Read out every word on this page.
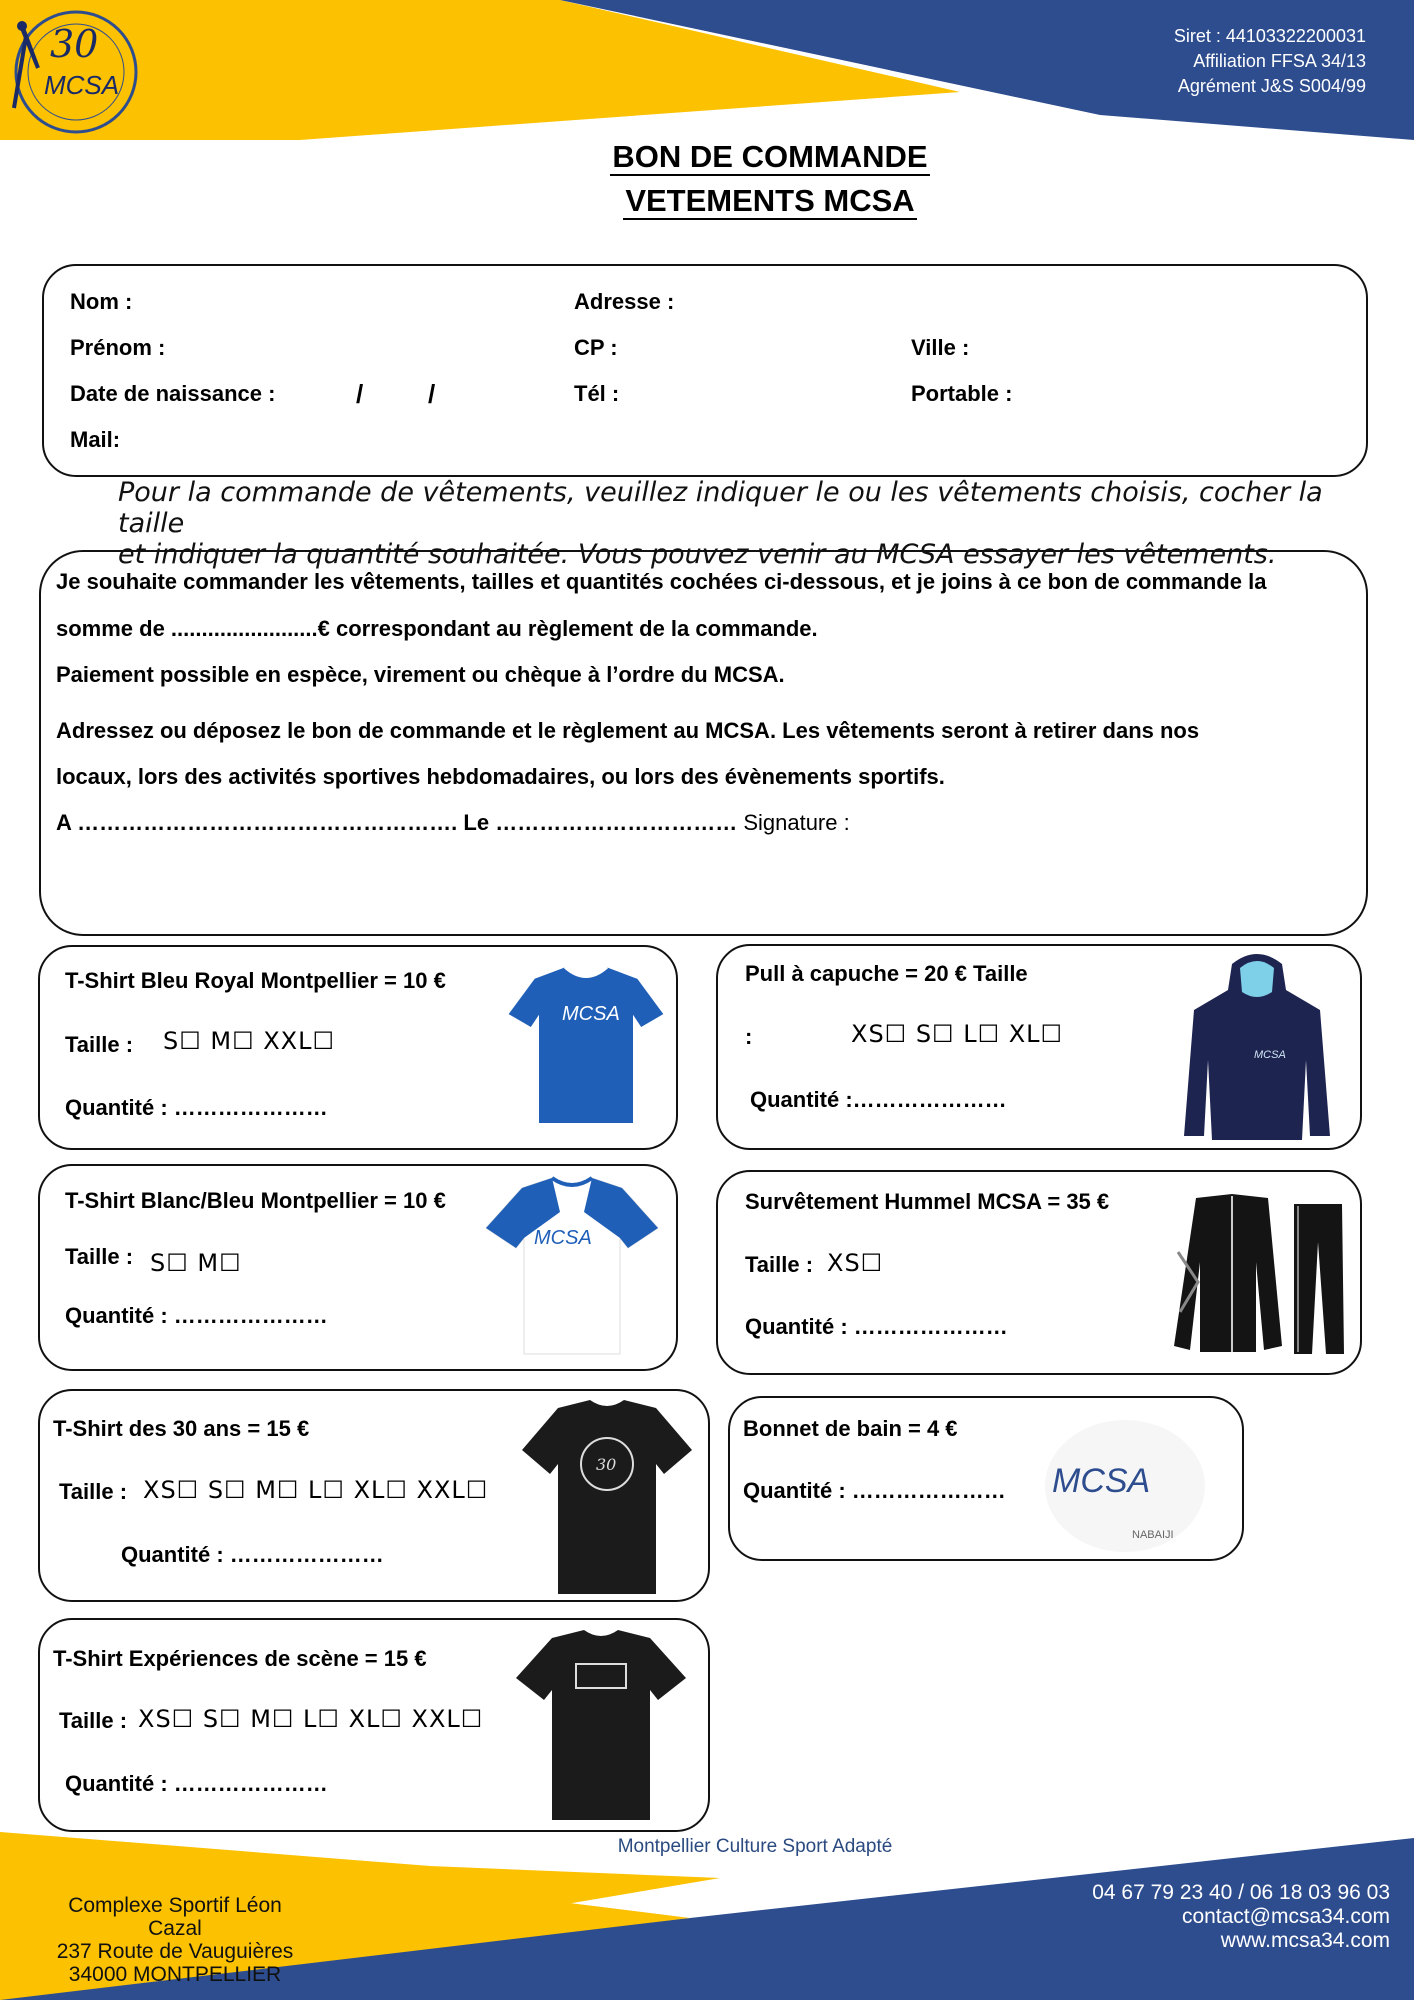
30
MCSA
Siret : 44103322200031
Affiliation FFSA 34/13
Agrément J&S S004/99
BON DE COMMANDE
VETEMENTS MCSA
Nom :
Prénom :
Date de naissance :	/ /
Mail:
Adresse :
CP :
Tél :
Ville :
Portable :
Pour la commande de vêtements, veuillez indiquer le ou les vêtements choisis, cocher la taille
et indiquer la quantité souhaitée. Vous pouvez venir au MCSA essayer les vêtements.
Je souhaite commander les vêtements, tailles et quantités cochées ci-dessous, et je joins à ce bon de commande la
somme de ........................€ correspondant au règlement de la commande.
Paiement possible en espèce, virement ou chèque à l’ordre du MCSA.
Adressez ou déposez le bon de commande et le règlement au MCSA. Les vêtements seront à retirer dans nos
locaux, lors des activités sportives hebdomadaires, ou lors des évènements sportifs.
A ……………………………………………. Le …………………………… Signature :
T-Shirt Bleu Royal Montpellier = 10 €
Taille : S☐ M☐ XXL☐
Quantité : …………………
MCSA
Pull à capuche = 20 € Taille
:	XS☐ S☐ L☐ XL☐
Quantité :…………………
MCSA
T-Shirt Blanc/Bleu Montpellier = 10 €
Taille : S☐ M☐
Quantité : …………………
MCSA
Survêtement Hummel MCSA = 35 €
Taille : XS☐
Quantité : …………………
T-Shirt des 30 ans = 15 €
Taille : XS☐ S☐ M☐ L☐ XL☐ XXL☐
Quantité : …………………
30
Bonnet de bain = 4 €
Quantité : ………………… MCSA
NABAIJI
T-Shirt Expériences de scène = 15 €
Taille : XS☐ S☐ M☐ L☐ XL☐ XXL☐
Quantité : …………………
Montpellier Culture Sport Adapté
Complexe Sportif Léon Cazal
237 Route de Vauguières
34000 MONTPELLIER
04 67 79 23 40 / 06 18 03 96 03
contact@mcsa34.com
www.mcsa34.com
